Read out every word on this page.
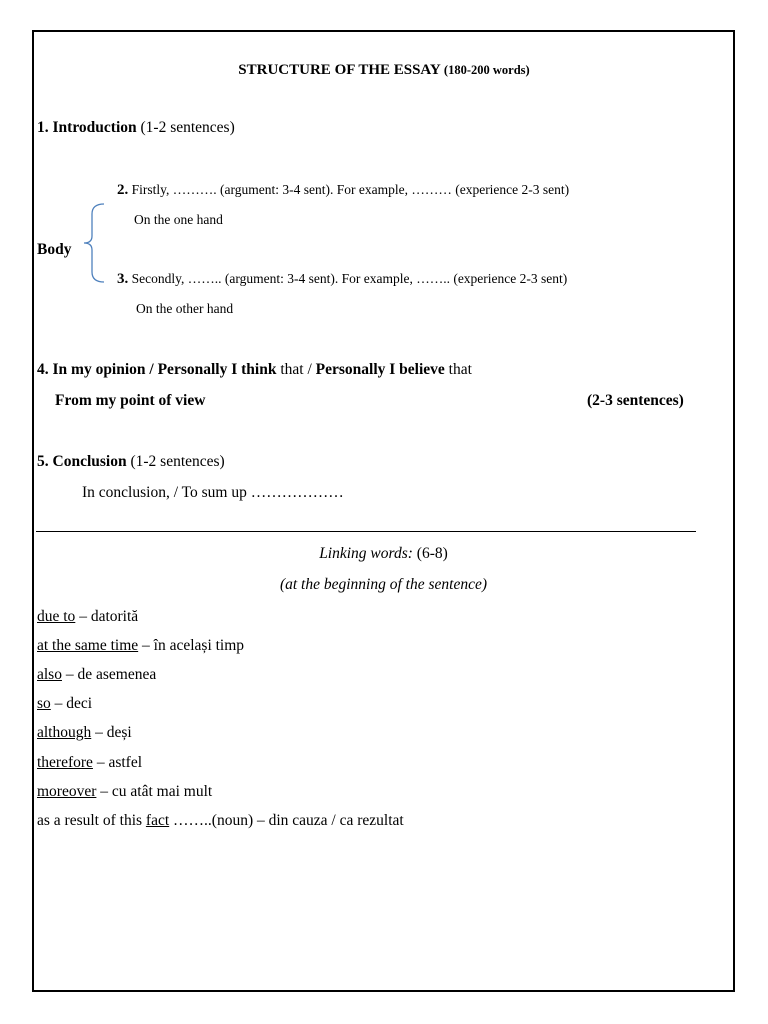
STRUCTURE OF THE ESSAY (180-200 words)
1. Introduction (1-2 sentences)
2. Firstly, ………. (argument: 3-4 sent). For example, ……… (experience 2-3 sent)
On the one hand
Body
3. Secondly, …….. (argument: 3-4 sent). For example, …….. (experience 2-3 sent)
On the other hand
4. In my opinion / Personally I think that / Personally I believe that
From my point of view	(2-3 sentences)
5. Conclusion (1-2 sentences)
In conclusion, / To sum up ………………
Linking words: (6-8)
(at the beginning of the sentence)
due to – datorită
at the same time – în același timp
also – de asemenea
so – deci
although – deși
therefore – astfel
moreover – cu atât mai mult
as a result of this fact ……..(noun) – din cauza / ca rezultat
